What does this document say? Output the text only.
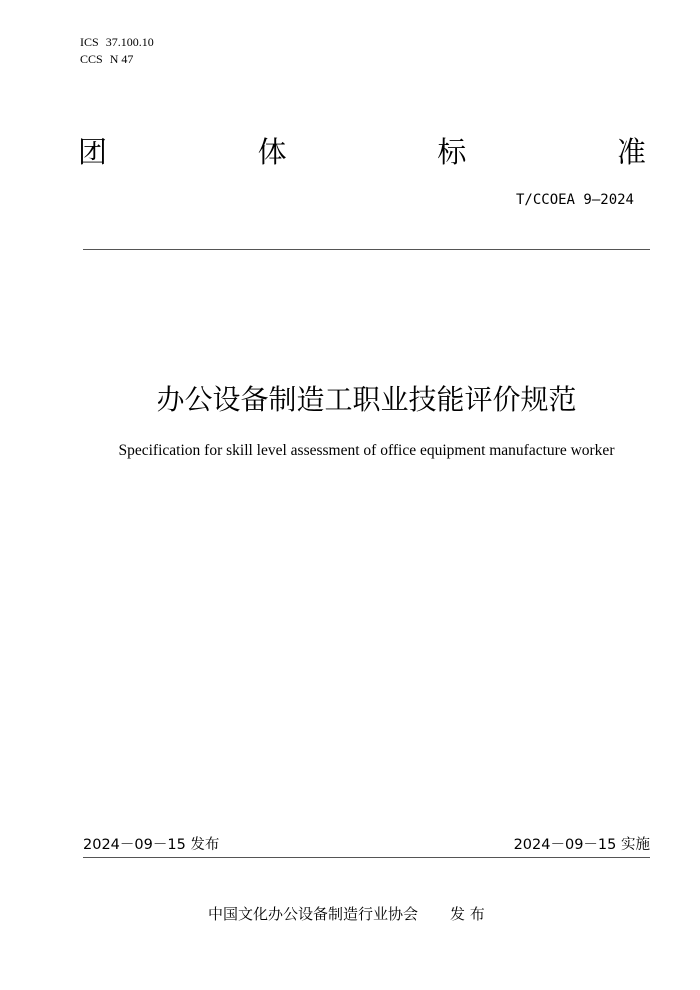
ICS 37.100.10
CCS N 47
团	体	标	准
T/CCOEA 9—2024
办公设备制造工职业技能评价规范
Specification for skill level assessment of office equipment manufacture worker
2024－09－15 发布	2024－09－15 实施
中国文化办公设备制造行业协会 发 布
